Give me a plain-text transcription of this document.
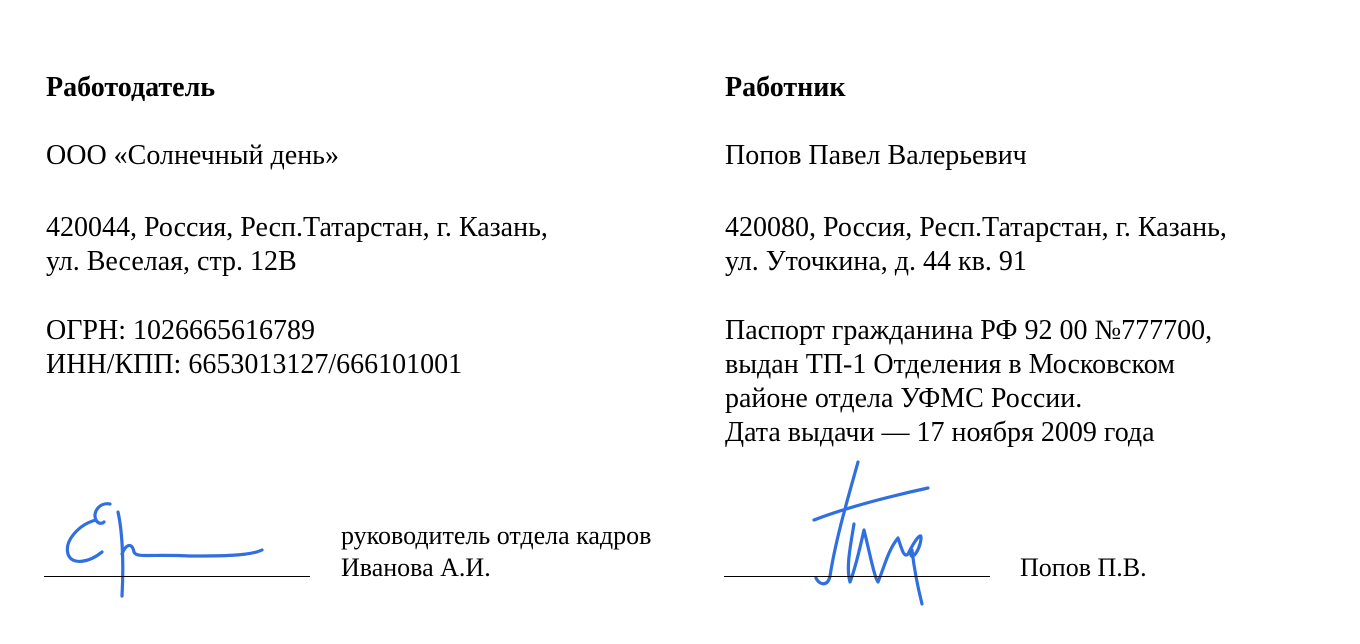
Работодатель
ООО «Солнечный день»
420044, Россия, Респ.Татарстан, г. Казань,
ул. Веселая, стр. 12В
ОГРН: 1026665616789
ИНН/КПП: 6653013127/666101001
Работник
Попов Павел Валерьевич
420080, Россия, Респ.Татарстан, г. Казань,
ул. Уточкина, д. 44 кв. 91
Паспорт гражданина РФ 92 00 №777700,
выдан ТП-1 Отделения в Московском
районе отдела УФМС России.
Дата выдачи — 17 ноября 2009 года
руководитель отдела кадров
Иванова А.И.	Попов П.В.
